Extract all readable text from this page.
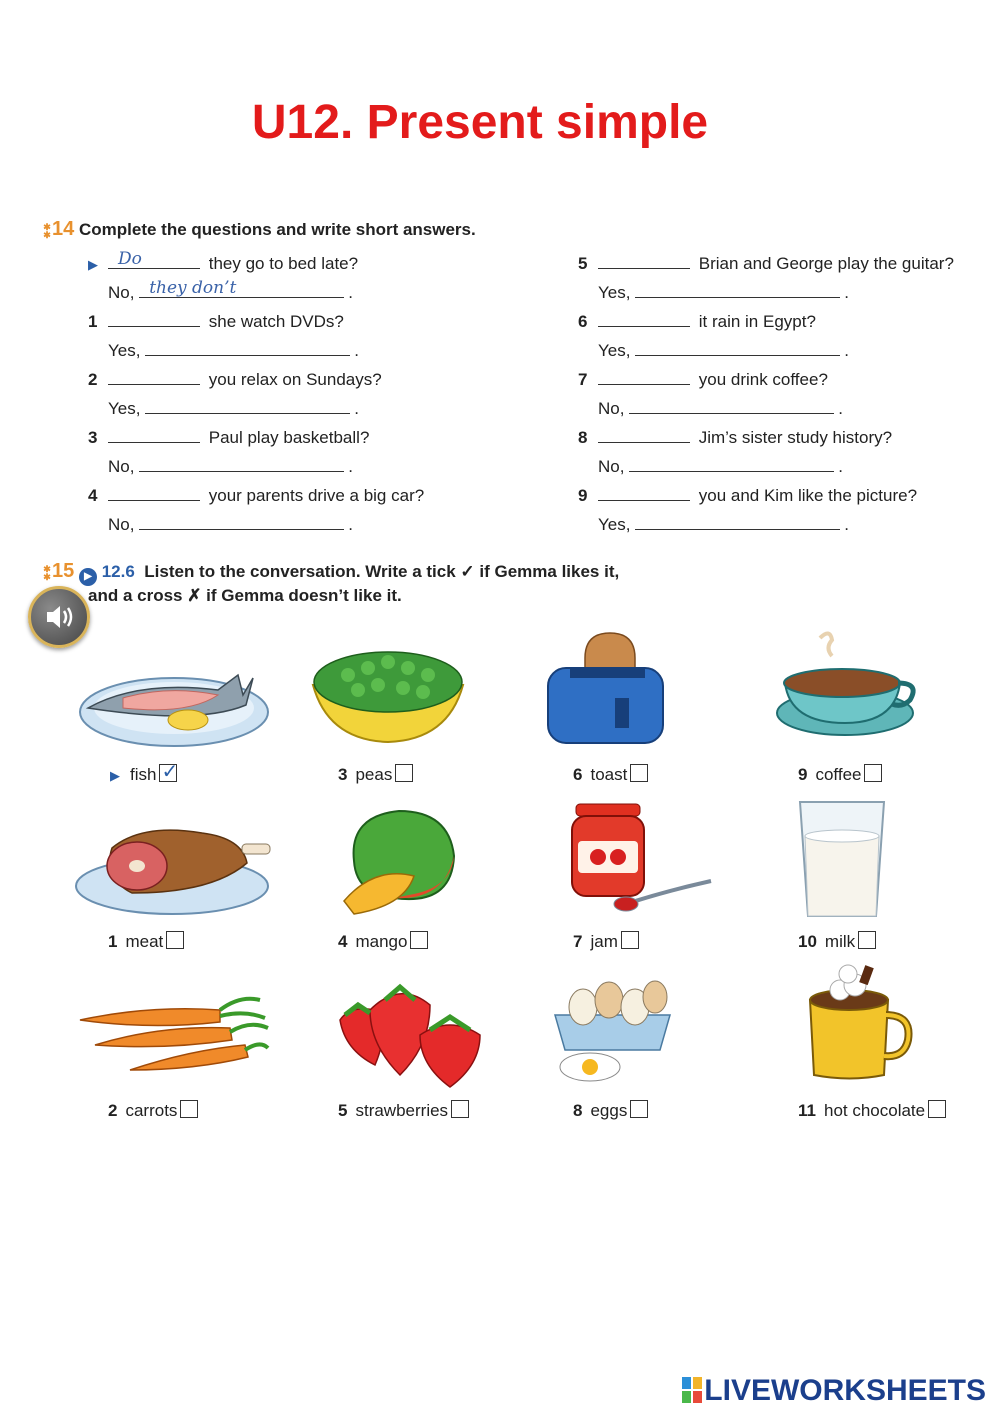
U12. Present simple
✱
✱14 Complete the questions and write short answers.
▶ Do	they go to bed late?
No, they don’t	.
1	she watch DVDs?
Yes,	.
2	you relax on Sundays?
Yes,	.
3	Paul play basketball?
No,	.
4	your parents drive a big car?
No,	.
5	Brian and George play the guitar?
Yes,	.
6	it rain in Egypt?
Yes,	.
7	you drink coffee?
No,	.
8	Jim’s sister study history?
No,	.
9	you and Kim like the picture?
Yes,	.
✱
✱15 ▶ 12.6 Listen to the conversation. Write a tick ✓ if Gemma likes it,
and a cross ✗ if Gemma doesn’t like it.
▶ fish ✓	3 peas	6 toast	9 coffee
1 meat	4 mango	7 jam	10 milk
2 carrots	5 strawberries	8 eggs	11 hot chocolate
LIVEWORKSHEETS
